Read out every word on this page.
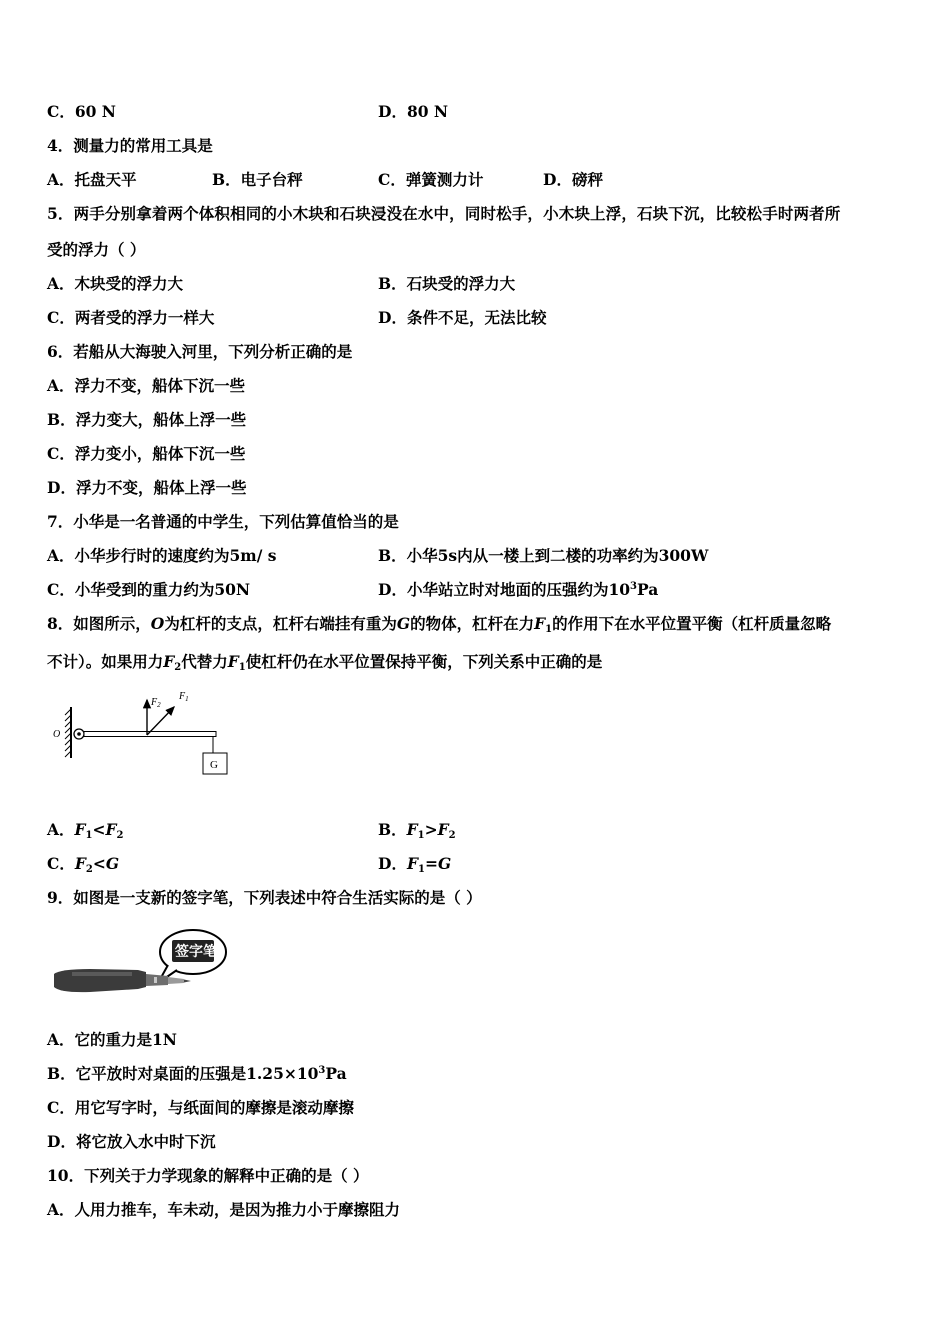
C．60 N	D．80 N
4．测量力的常用工具是
A．托盘天平	B．电子台秤	C．弹簧测力计	D．磅秤
5．两手分别拿着两个体积相同的小木块和石块浸没在水中，同时松手，小木块上浮，石块下沉，比较松手时两者所
受的浮力（ ）
A．木块受的浮力大	B．石块受的浮力大
C．两者受的浮力一样大	D．条件不足，无法比较
6．若船从大海驶入河里，下列分析正确的是
A．浮力不变，船体下沉一些
B．浮力变大，船体上浮一些
C．浮力变小，船体下沉一些
D．浮力不变，船体上浮一些
7．小华是一名普通的中学生，下列估算值恰当的是
A．小华步行时的速度约为5m/ s	B．小华5s内从一楼上到二楼的功率约为300W
C．小华受到的重力约为50N	D．小华站立时对地面的压强约为$10^3Pa$
8．如图所示，O为杠杆的支点，杠杆右端挂有重为G的物体，杠杆在力$F_1$的作用下在水平位置平衡（杠杆质量忽略
不计）。如果用力$F_2$代替力$F_1$使杠杆仍在水平位置保持平衡，下列关系中正确的是
O
$F_2$
$F_1$
G
A．$F_1<F_2$	B．$F_1>F_2$
C．$F_2<G$	D．$F_1=G$
9．如图是一支新的签字笔，下列表述中符合生活实际的是（ ）
签字笔
A．它的重力是1N
B．它平放时对桌面的压强是$1.25\times 10^3Pa$
C．用它写字时，与纸面间的摩擦是滚动摩擦
D．将它放入水中时下沉
10．下列关于力学现象的解释中正确的是（ ）
A．人用力推车，车未动，是因为推力小于摩擦阻力
